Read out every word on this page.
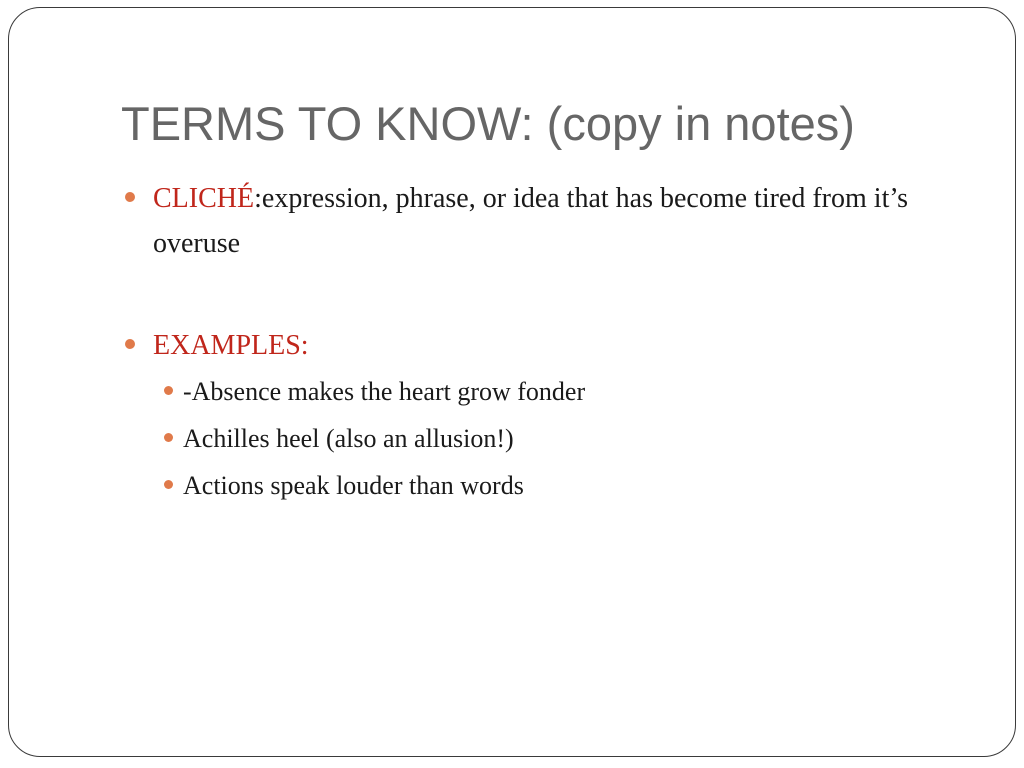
TERMS TO KNOW: (copy in notes)
CLICHÉ:expression, phrase, or idea that has become tired from it’s overuse
EXAMPLES:
-Absence makes the heart grow fonder
Achilles heel (also an allusion!)
Actions speak louder than words
